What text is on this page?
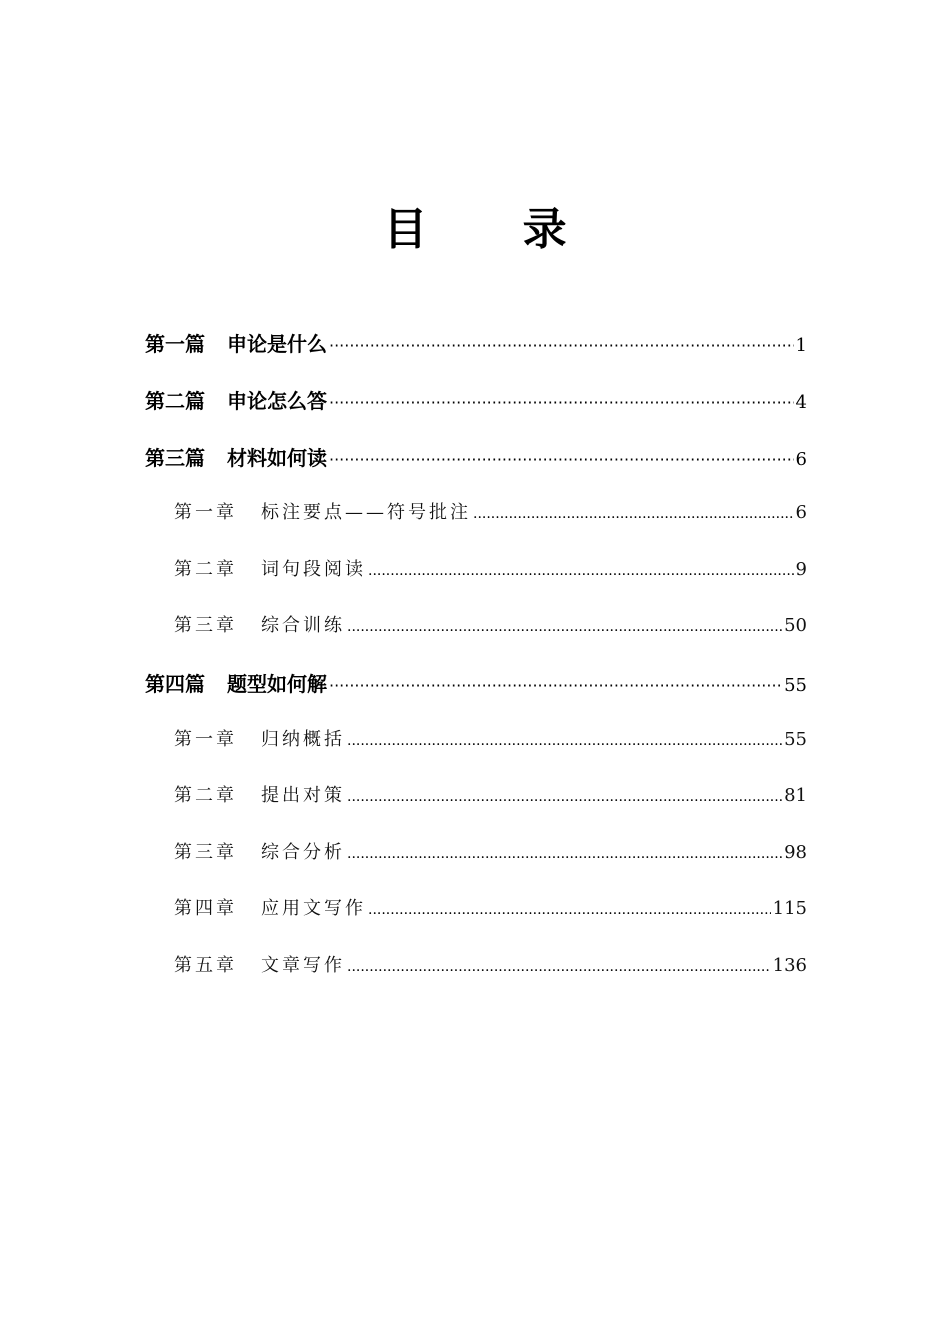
目 录
第一篇 申论是什么 ·····	1
第二篇 申论怎么答 ·····	4
第三篇 材料如何读 ·····	6
第一章 标注要点——符号批注 .....	6
第二章 词句段阅读 .....	9
第三章 综合训练 .....	50
第四篇 题型如何解 ·····	55
第一章 归纳概括 .....	55
第二章 提出对策 .....	81
第三章 综合分析 .....	98
第四章 应用文写作 .....	115
第五章 文章写作 .....	136
